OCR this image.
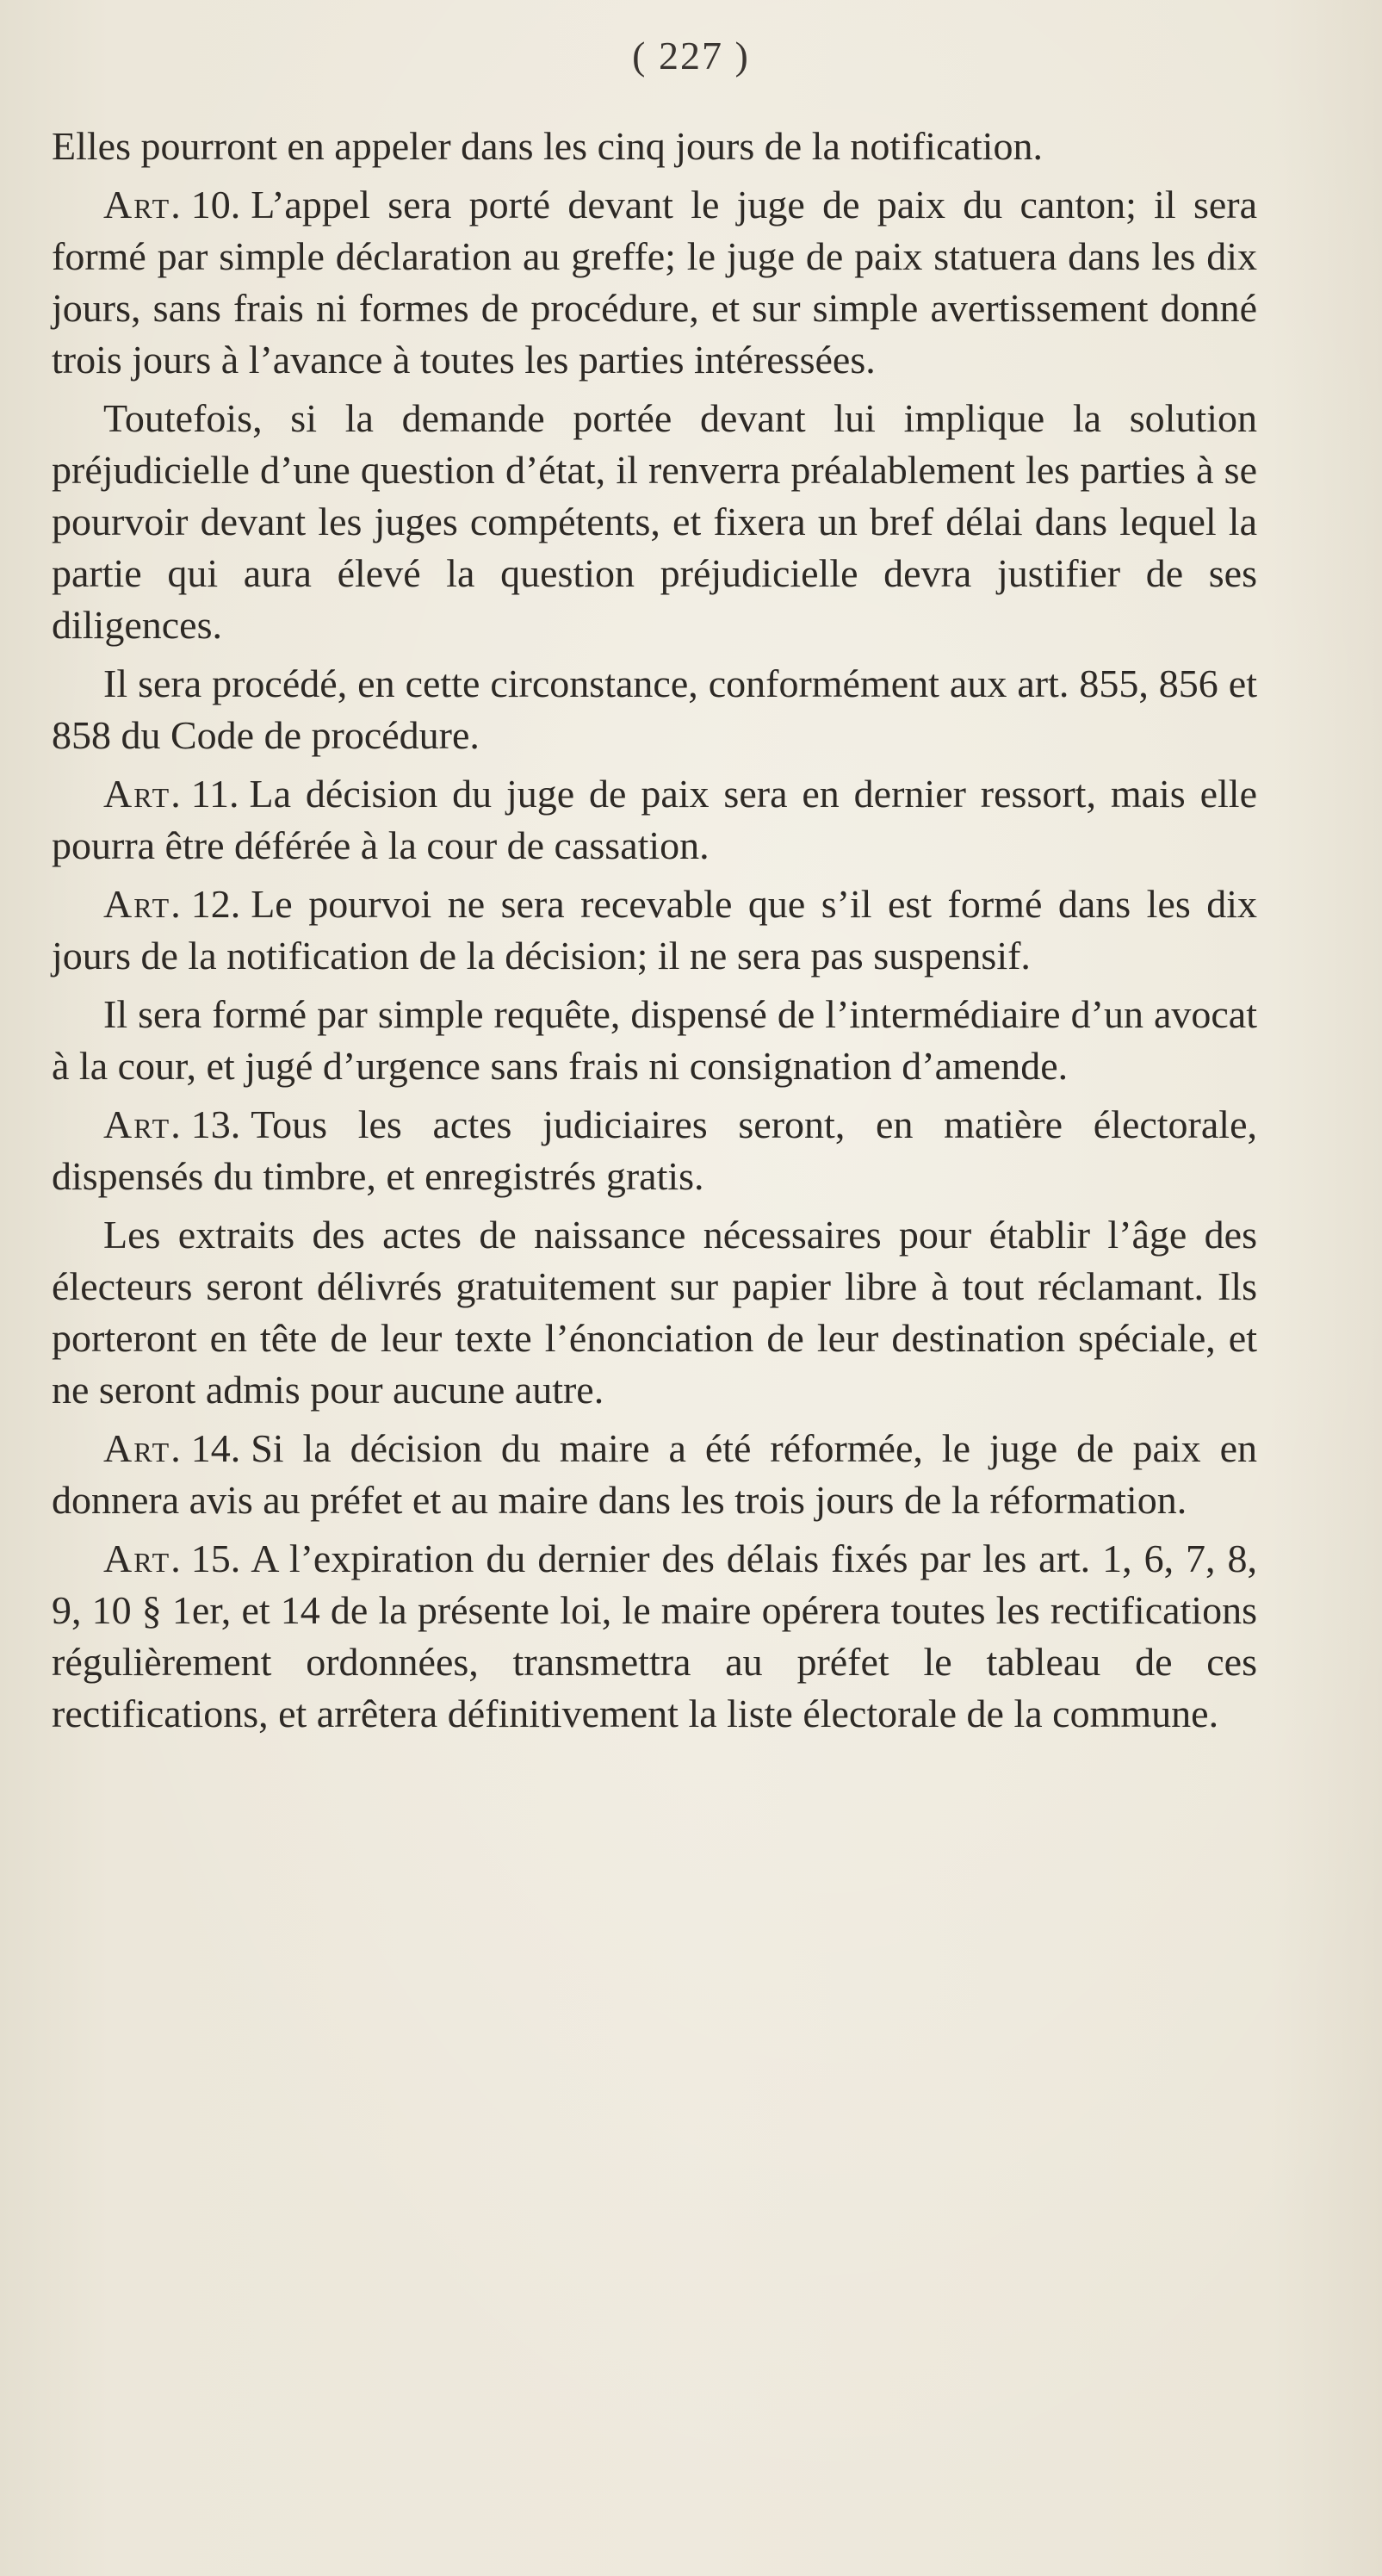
( 227 )

Elles pourront en appeler dans les cinq jours de la notification.

Art. 10. L’appel sera porté devant le juge de paix du canton; il sera formé par simple déclaration au greffe; le juge de paix statuera dans les dix jours, sans frais ni formes de procédure, et sur simple avertissement donné trois jours à l’avance à toutes les parties intéressées.

Toutefois, si la demande portée devant lui implique la solution préjudicielle d’une question d’état, il renverra préalablement les parties à se pourvoir devant les juges compétents, et fixera un bref délai dans lequel la partie qui aura élevé la question préjudicielle devra justifier de ses diligences.

Il sera procédé, en cette circonstance, conformément aux art. 855, 856 et 858 du Code de procédure.

Art. 11. La décision du juge de paix sera en dernier ressort, mais elle pourra être déférée à la cour de cassation.

Art. 12. Le pourvoi ne sera recevable que s’il est formé dans les dix jours de la notification de la décision; il ne sera pas suspensif.

Il sera formé par simple requête, dispensé de l’intermédiaire d’un avocat à la cour, et jugé d’urgence sans frais ni consignation d’amende.

Art. 13. Tous les actes judiciaires seront, en matière électorale, dispensés du timbre, et enregistrés gratis.

Les extraits des actes de naissance nécessaires pour établir l’âge des électeurs seront délivrés gratuitement sur papier libre à tout réclamant. Ils porteront en tête de leur texte l’énonciation de leur destination spéciale, et ne seront admis pour aucune autre.

Art. 14. Si la décision du maire a été réformée, le juge de paix en donnera avis au préfet et au maire dans les trois jours de la réformation.

Art. 15. A l’expiration du dernier des délais fixés par les art. 1, 6, 7, 8, 9, 10 § 1er, et 14 de la présente loi, le maire opérera toutes les rectifications régulièrement ordonnées, transmettra au préfet le tableau de ces rectifications, et arrêtera définitivement la liste électorale de la commune.
